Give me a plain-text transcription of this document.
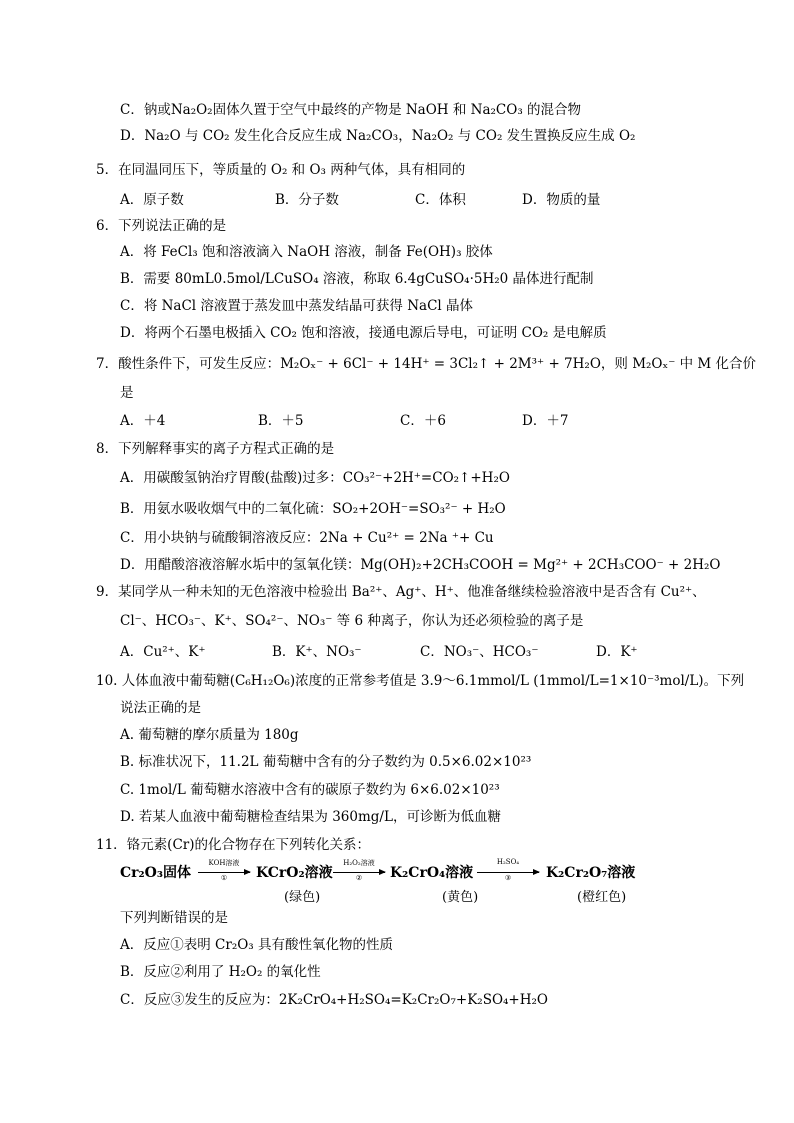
C．钠或Na₂O₂固体久置于空气中最终的产物是 NaOH 和 Na₂CO₃ 的混合物
D．Na₂O 与 CO₂ 发生化合反应生成 Na₂CO₃，Na₂O₂ 与 CO₂ 发生置换反应生成 O₂
5．在同温同压下，等质量的 O₂ 和 O₃ 两种气体，具有相同的
A．原子数	B．分子数	C．体积	D．物质的量
6．下列说法正确的是
A．将 FeCl₃ 饱和溶液滴入 NaOH 溶液，制备 Fe(OH)₃ 胶体
B．需要 80mL0.5mol/LCuSO₄ 溶液，称取 6.4gCuSO₄·5H₂0 晶体进行配制
C．将 NaCl 溶液置于蒸发皿中蒸发结晶可获得 NaCl 晶体
D．将两个石墨电极插入 CO₂ 饱和溶液，接通电源后导电，可证明 CO₂ 是电解质
7．酸性条件下，可发生反应：M₂Oₓ⁻ + 6Cl⁻ + 14H⁺ = 3Cl₂↑ + 2M³⁺ + 7H₂O，则 M₂Oₓ⁻ 中 M 化合价
是
A．＋4	B．＋5	C．＋6	D．＋7
8．下列解释事实的离子方程式正确的是
A．用碳酸氢钠治疗胃酸(盐酸)过多：CO₃²⁻+2H⁺=CO₂↑+H₂O
B．用氨水吸收烟气中的二氧化硫：SO₂+2OH⁻=SO₃²⁻ + H₂O
C．用小块钠与硫酸铜溶液反应：2Na + Cu²⁺ = 2Na ⁺+ Cu
D．用醋酸溶液溶解水垢中的氢氧化镁：Mg(OH)₂+2CH₃COOH = Mg²⁺ + 2CH₃COO⁻ + 2H₂O
9．某同学从一种未知的无色溶液中检验出 Ba²⁺、Ag⁺、H⁺、他准备继续检验溶液中是否含有 Cu²⁺、
Cl⁻、HCO₃⁻、K⁺、SO₄²⁻、NO₃⁻ 等 6 种离子，你认为还必须检验的离子是
A．Cu²⁺、K⁺	B．K⁺、NO₃⁻	C．NO₃⁻、HCO₃⁻	D．K⁺
10. 人体血液中葡萄糖(C₆H₁₂O₆)浓度的正常参考值是 3.9～6.1mmol/L (1mmol/L=1×10⁻³mol/L)。下列
说法正确的是
A. 葡萄糖的摩尔质量为 180g
B. 标准状况下，11.2L 葡萄糖中含有的分子数约为 0.5×6.02×10²³
C. 1mol/L 葡萄糖水溶液中含有的碳原子数约为 6×6.02×10²³
D. 若某人血液中葡萄糖检查结果为 360mg/L，可诊断为低血糖
11．铬元素(Cr)的化合物存在下列转化关系：
Cr₂O₃固体
KOH溶液
①	KCrO₂溶液
H₂O₂溶液
②	K₂CrO₄溶液
H₂SO₄
③	K₂Cr₂O₇溶液
(绿色)	(黄色)	(橙红色)
下列判断错误的是
A．反应①表明 Cr₂O₃ 具有酸性氧化物的性质
B．反应②利用了 H₂O₂ 的氧化性
C．反应③发生的反应为：2K₂CrO₄+H₂SO₄=K₂Cr₂O₇+K₂SO₄+H₂O
